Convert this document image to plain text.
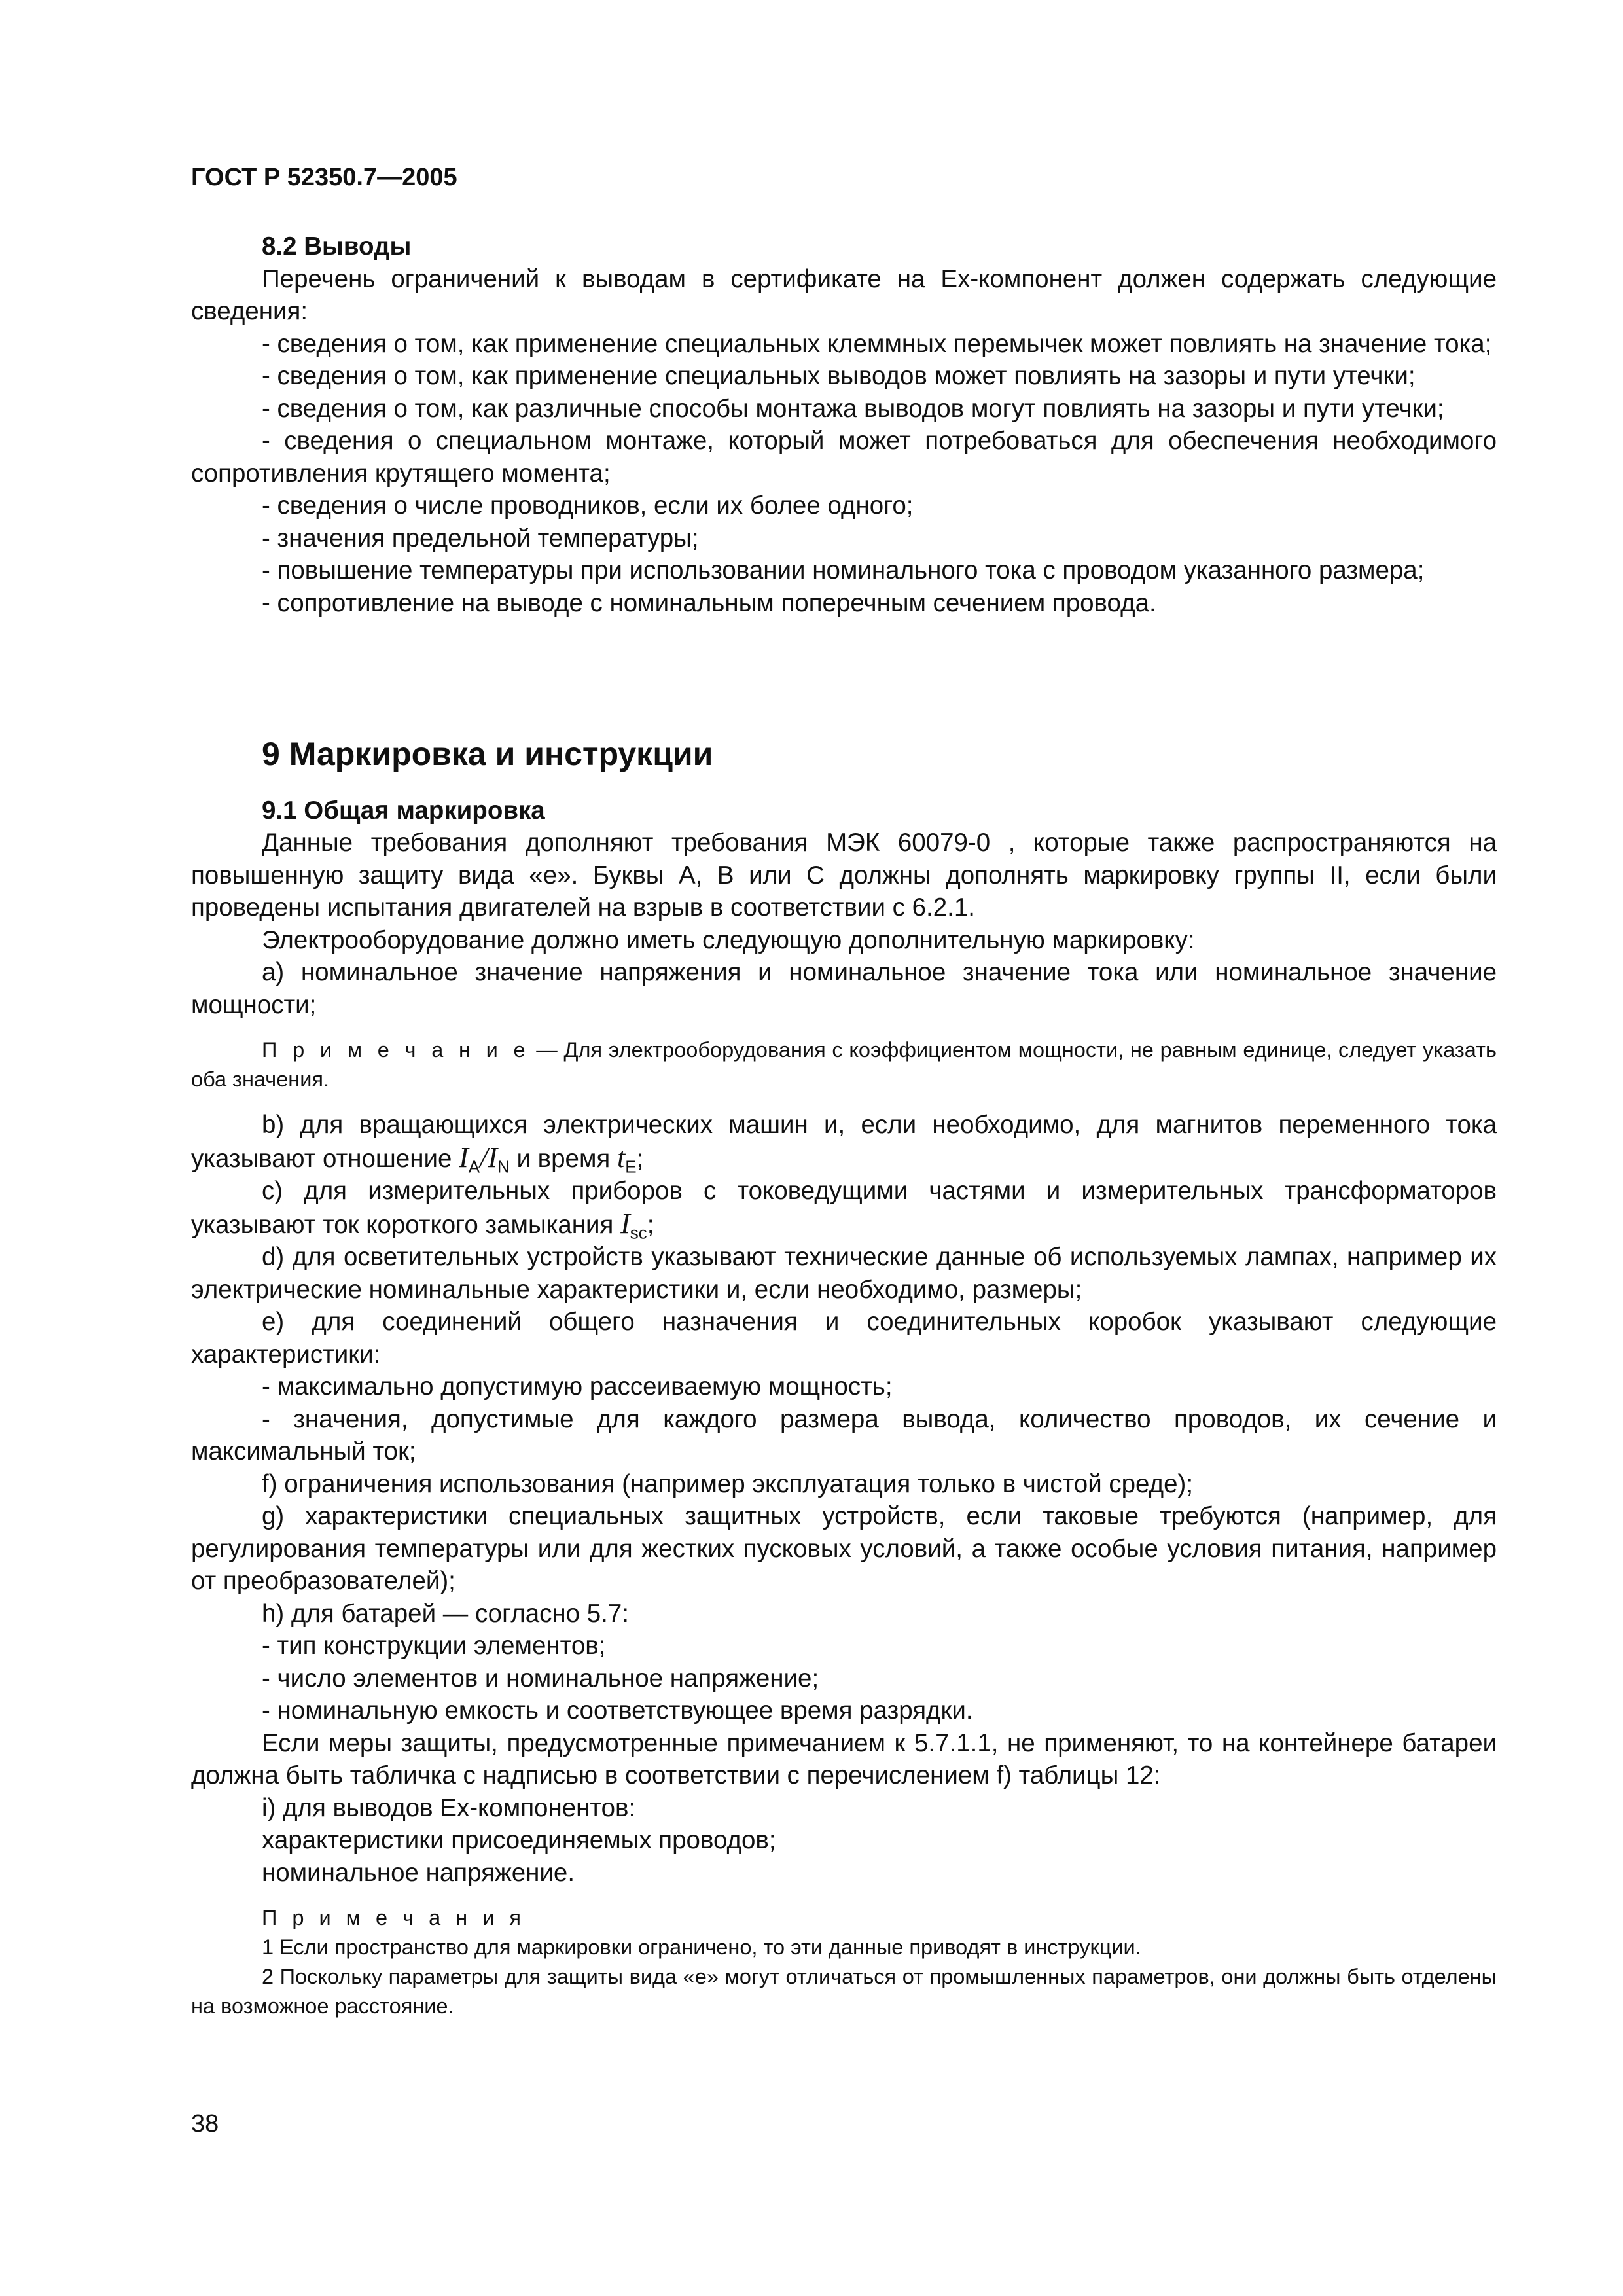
ГОСТ Р 52350.7—2005

8.2 Выводы

Перечень ограничений к выводам в сертификате на Ех-компонент должен содержать следующие сведения:

- сведения о том, как применение специальных клеммных перемычек может повлиять на значение тока;

- сведения о том, как применение специальных выводов может повлиять на зазоры и пути утечки;

- сведения о том, как различные способы монтажа выводов могут повлиять на зазоры и пути утечки;

- сведения о специальном монтаже, который может потребоваться для обеспечения необходимого сопротивления крутящего момента;

- сведения о числе проводников, если их более одного;

- значения предельной температуры;

- повышение температуры при использовании номинального тока с проводом указанного размера;

- сопротивление на выводе с номинальным поперечным сечением провода.

9 Маркировка и инструкции

9.1 Общая маркировка

Данные требования дополняют требования МЭК 60079-0 , которые также распространяются на повышенную защиту вида «е». Буквы А, В или С должны дополнять маркировку группы II, если были проведены испытания двигателей на взрыв в соответствии с 6.2.1.

Электрооборудование должно иметь следующую дополнительную маркировку:

а) номинальное значение напряжения и номинальное значение тока или номинальное значение мощности;

П р и м е ч а н и е — Для электрооборудования с коэффициентом мощности, не равным единице, следует указать оба значения.

b) для вращающихся электрических машин и, если необходимо, для магнитов переменного тока указывают отношение $I_A/I_N$ и время $t_E$;

с) для измерительных приборов с токоведущими частями и измерительных трансформаторов указывают ток короткого замыкания $I_{sc}$;

d) для осветительных устройств указывают технические данные об используемых лампах, например их электрические номинальные характеристики и, если необходимо, размеры;

е) для соединений общего назначения и соединительных коробок указывают следующие характеристики:

- максимально допустимую рассеиваемую мощность;

- значения, допустимые для каждого размера вывода, количество проводов, их сечение и максимальный ток;

f) ограничения использования (например эксплуатация только в чистой среде);

g) характеристики специальных защитных устройств, если таковые требуются (например, для регулирования температуры или для жестких пусковых условий, а также особые условия питания, например от преобразователей);

h) для батарей — согласно 5.7:

- тип конструкции элементов;

- число элементов и номинальное напряжение;

- номинальную емкость и соответствующее время разрядки.

Если меры защиты, предусмотренные примечанием к 5.7.1.1, не применяют, то на контейнере батареи должна быть табличка с надписью в соответствии с перечислением f) таблицы 12:

i) для выводов Ех-компонентов:

характеристики присоединяемых проводов;

номинальное напряжение.

П р и м е ч а н и я

1 Если пространство для маркировки ограничено, то эти данные приводят в инструкции.

2 Поскольку параметры для защиты вида «е» могут отличаться от промышленных параметров, они должны быть отделены на возможное расстояние.

38
